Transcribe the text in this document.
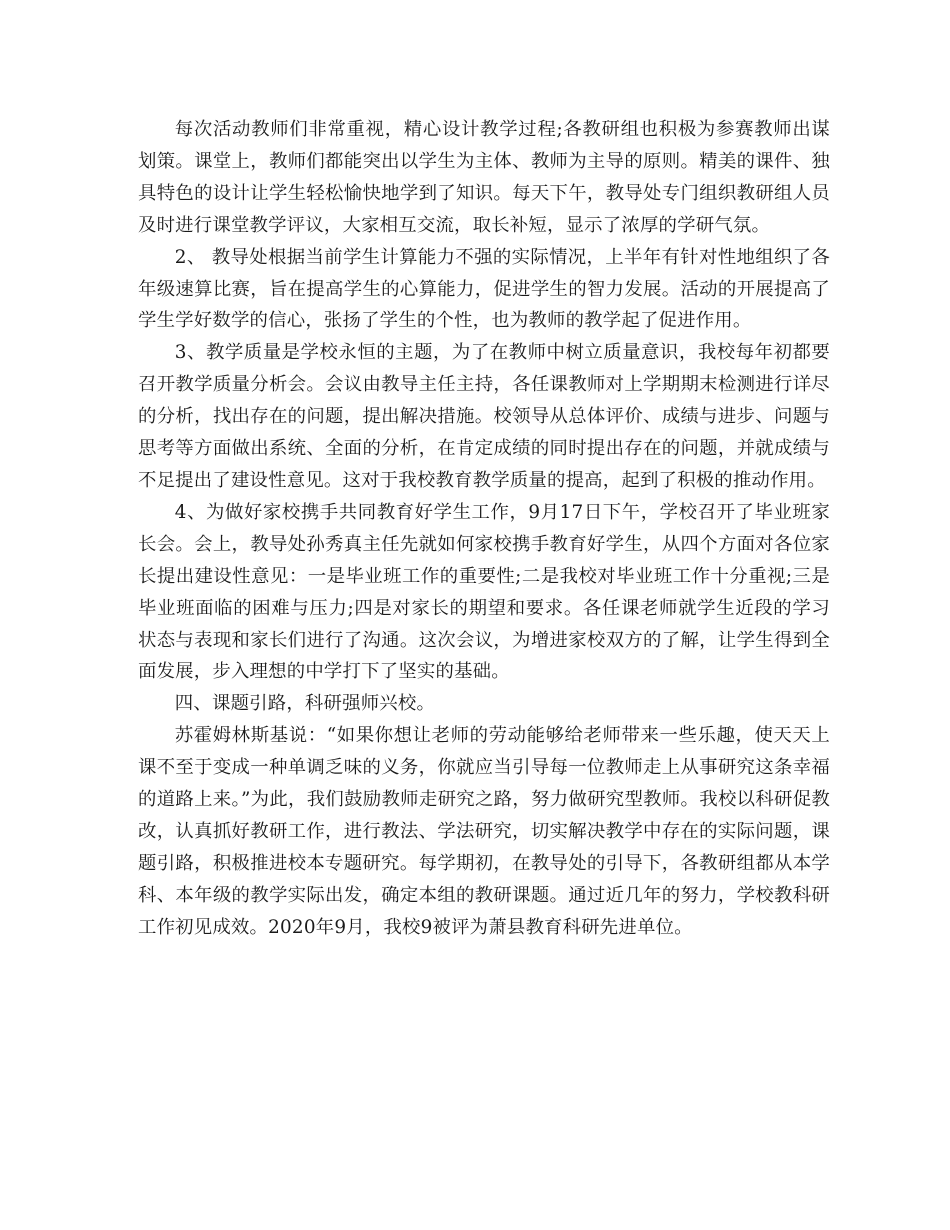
每次活动教师们非常重视，精心设计教学过程;各教研组也积极为参赛教师出谋划策。课堂上，教师们都能突出以学生为主体、教师为主导的原则。精美的课件、独具特色的设计让学生轻松愉快地学到了知识。每天下午，教导处专门组织教研组人员及时进行课堂教学评议，大家相互交流，取长补短，显示了浓厚的学研气氛。

2、 教导处根据当前学生计算能力不强的实际情况，上半年有针对性地组织了各年级速算比赛，旨在提高学生的心算能力，促进学生的智力发展。活动的开展提高了学生学好数学的信心，张扬了学生的个性，也为教师的教学起了促进作用。

3、教学质量是学校永恒的主题，为了在教师中树立质量意识，我校每年初都要召开教学质量分析会。会议由教导主任主持，各任课教师对上学期期末检测进行详尽的分析，找出存在的问题，提出解决措施。校领导从总体评价、成绩与进步、问题与思考等方面做出系统、全面的分析，在肯定成绩的同时提出存在的问题，并就成绩与不足提出了建设性意见。这对于我校教育教学质量的提高，起到了积极的推动作用。

4、为做好家校携手共同教育好学生工作，9月17日下午，学校召开了毕业班家长会。会上，教导处孙秀真主任先就如何家校携手教育好学生，从四个方面对各位家长提出建设性意见：一是毕业班工作的重要性;二是我校对毕业班工作十分重视;三是毕业班面临的困难与压力;四是对家长的期望和要求。各任课老师就学生近段的学习状态与表现和家长们进行了沟通。这次会议，为增进家校双方的了解，让学生得到全面发展，步入理想的中学打下了坚实的基础。

四、课题引路，科研强师兴校。

苏霍姆林斯基说：“如果你想让老师的劳动能够给老师带来一些乐趣，使天天上课不至于变成一种单调乏味的义务，你就应当引导每一位教师走上从事研究这条幸福的道路上来。”为此，我们鼓励教师走研究之路，努力做研究型教师。我校以科研促教改，认真抓好教研工作，进行教法、学法研究，切实解决教学中存在的实际问题，课题引路，积极推进校本专题研究。每学期初，在教导处的引导下，各教研组都从本学科、本年级的教学实际出发，确定本组的教研课题。通过近几年的努力，学校教科研工作初见成效。2020年9月，我校9被评为萧县教育科研先进单位。
